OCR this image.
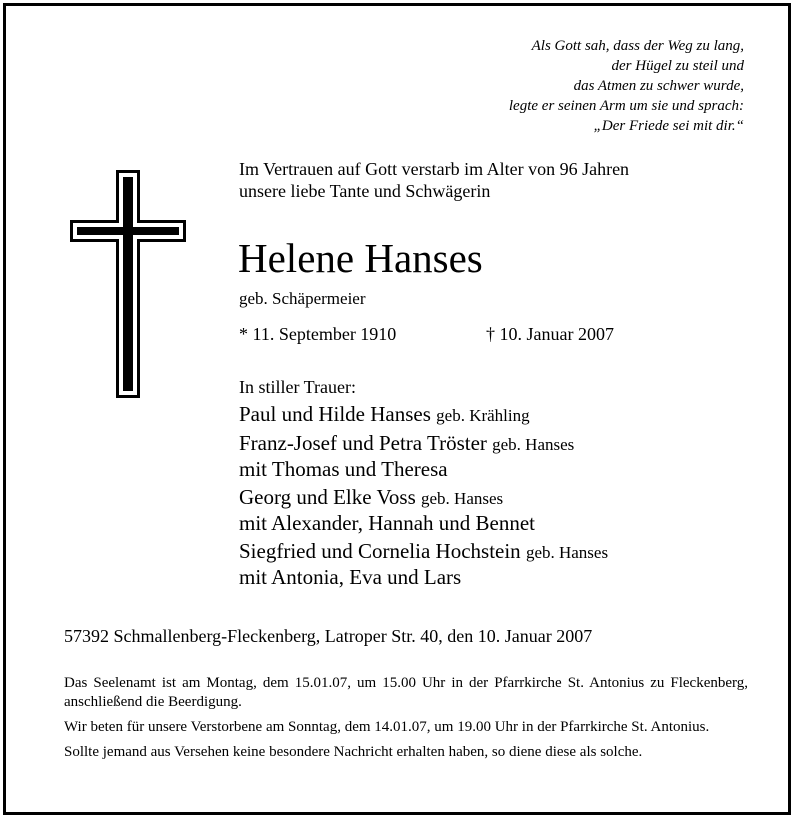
Als Gott sah, dass der Weg zu lang,
der Hügel zu steil und
das Atmen zu schwer wurde,
legte er seinen Arm um sie und sprach:
„Der Friede sei mit dir.“
Im Vertrauen auf Gott verstarb im Alter von 96 Jahren
unsere liebe Tante und Schwägerin
Helene Hanses
geb. Schäpermeier
* 11. September 1910	† 10. Januar 2007
In stiller Trauer:
Paul und Hilde Hanses geb. Krähling
Franz-Josef und Petra Tröster geb. Hanses
mit Thomas und Theresa
Georg und Elke Voss geb. Hanses
mit Alexander, Hannah und Bennet
Siegfried und Cornelia Hochstein geb. Hanses
mit Antonia, Eva und Lars
57392 Schmallenberg-Fleckenberg, Latroper Str. 40, den 10. Januar 2007

Das Seelenamt ist am Montag, dem 15.01.07, um 15.00 Uhr in der Pfarrkirche St. Antonius zu Fleckenberg, anschließend die Beerdigung.

Wir beten für unsere Verstorbene am Sonntag, dem 14.01.07, um 19.00 Uhr in der Pfarrkirche St. Antonius.

Sollte jemand aus Versehen keine besondere Nachricht erhalten haben, so diene diese als solche.
